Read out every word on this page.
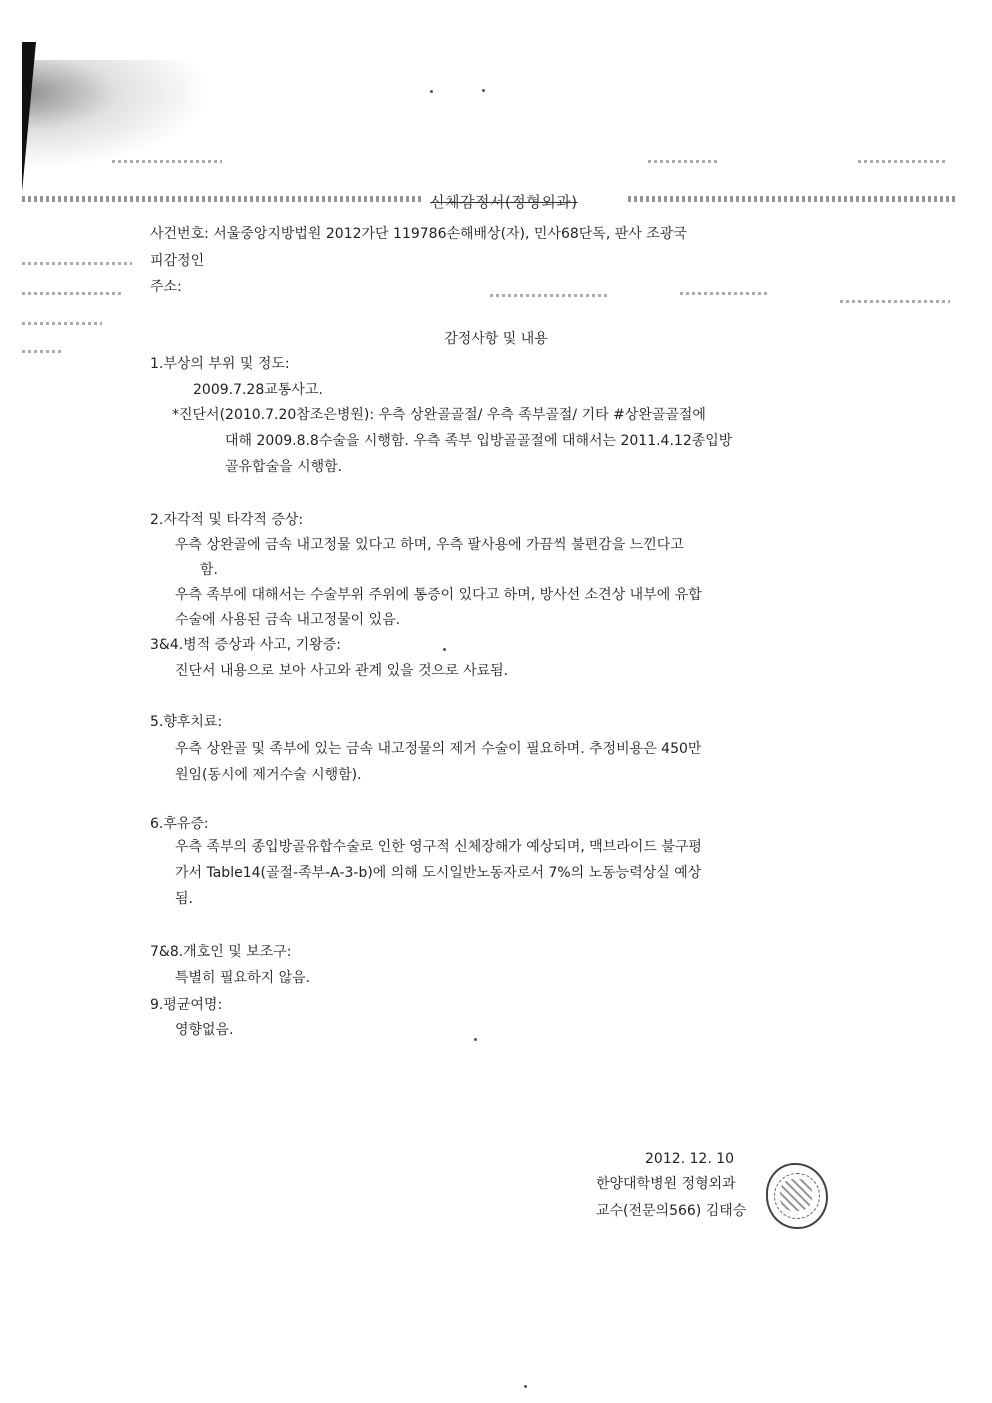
신체감정서(정형외과)
사건번호: 서울중앙지방법원 2012가단 119786손해배상(자), 민사68단독, 판사 조광국
피감정인
주소:
감정사항 및 내용
1.부상의 부위 및 정도:
2009.7.28교통사고.
*진단서(2010.7.20참조은병원): 우측 상완골골절/ 우측 족부골절/ 기타 #상완골골절에
대해 2009.8.8수술을 시행함. 우측 족부 입방골골절에 대해서는 2011.4.12종입방
골유합술을 시행함.
2.자각적 및 타각적 증상:
우측 상완골에 금속 내고정물 있다고 하며, 우측 팔사용에 가끔씩 불편감을 느낀다고
함.
우측 족부에 대해서는 수술부위 주위에 통증이 있다고 하며, 방사선 소견상 내부에 유합
수술에 사용된 금속 내고정물이 있음.
3&4.병적 증상과 사고, 기왕증:
진단서 내용으로 보아 사고와 관계 있을 것으로 사료됨.
5.향후치료:
우측 상완골 및 족부에 있는 금속 내고정물의 제거 수술이 필요하며. 추정비용은 450만
원임(동시에 제거수술 시행함).
6.후유증:
우측 족부의 종입방골유합수술로 인한 영구적 신체장해가 예상되며, 맥브라이드 불구평
가서 Table14(골절-족부-A-3-b)에 의해 도시일반노동자로서 7%의 노동능력상실 예상
됨.
7&8.개호인 및 보조구:
특별히 필요하지 않음.
9.평균여명:
영향없음.
2012. 12. 10
한양대학병원 정형외과
교수(전문의566) 김태승
